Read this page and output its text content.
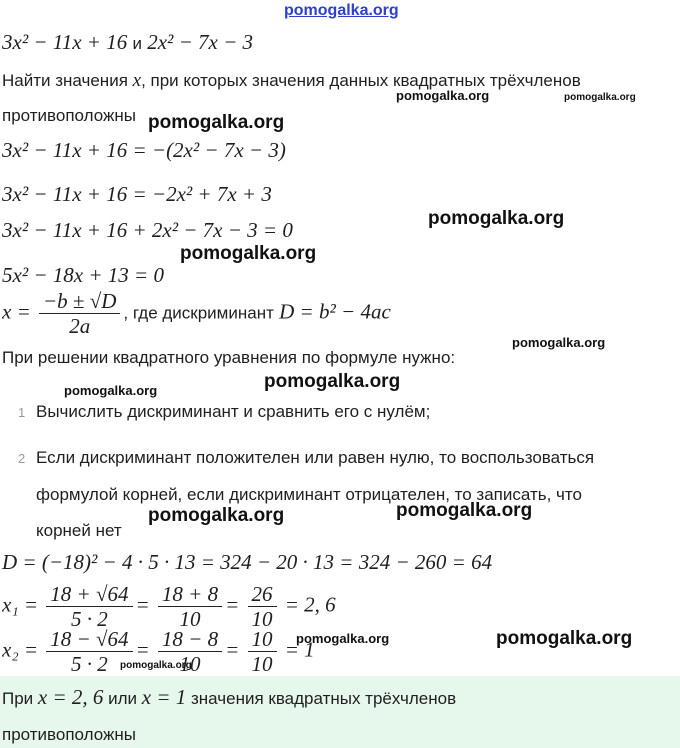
pomogalka.org
3x² − 11x + 16 и 2x² − 7x − 3
Найти значения x, при которых значения данных квадратных трёхчленов
противоположны
3x² − 11x + 16 = −(2x² − 7x − 3)
3x² − 11x + 16 = −2x² + 7x + 3
3x² − 11x + 16 + 2x² − 7x − 3 = 0
5x² − 18x + 13 = 0
$x = \frac{-b \pm √D}{2a}$ , где дискриминант D = b² − 4ac
При решении квадратного уравнения по формуле нужно:
1 Вычислить дискриминант и сравнить его с нулём;
2 Если дискриминант положителен или равен нулю, то воспользоваться
формулой корней, если дискриминант отрицателен, то записать, что
корней нет
D = (−18)² − 4 · 5 · 13 = 324 − 20 · 13 = 324 − 260 = 64
$x_1 = \frac{18 + √64}{5 \cdot 2} = \frac{18 + 8}{10} = \frac{26}{10} = 2$, 6
$x_2 = \frac{18 - √64}{5 \cdot 2} = \frac{18 - 8}{10} = \frac{10}{10} = 1$
При x = 2, 6 или x = 1 значения квадратных трёхчленов
противоположны
pomogalka.org	pomogalka.org
pomogalka.org
pomogalka.org
pomogalka.org
pomogalka.org
pomogalka.org
pomogalka.org
pomogalka.org
pomogalka.org
pomogalka.org	pomogalka.org
pomogalka.org
